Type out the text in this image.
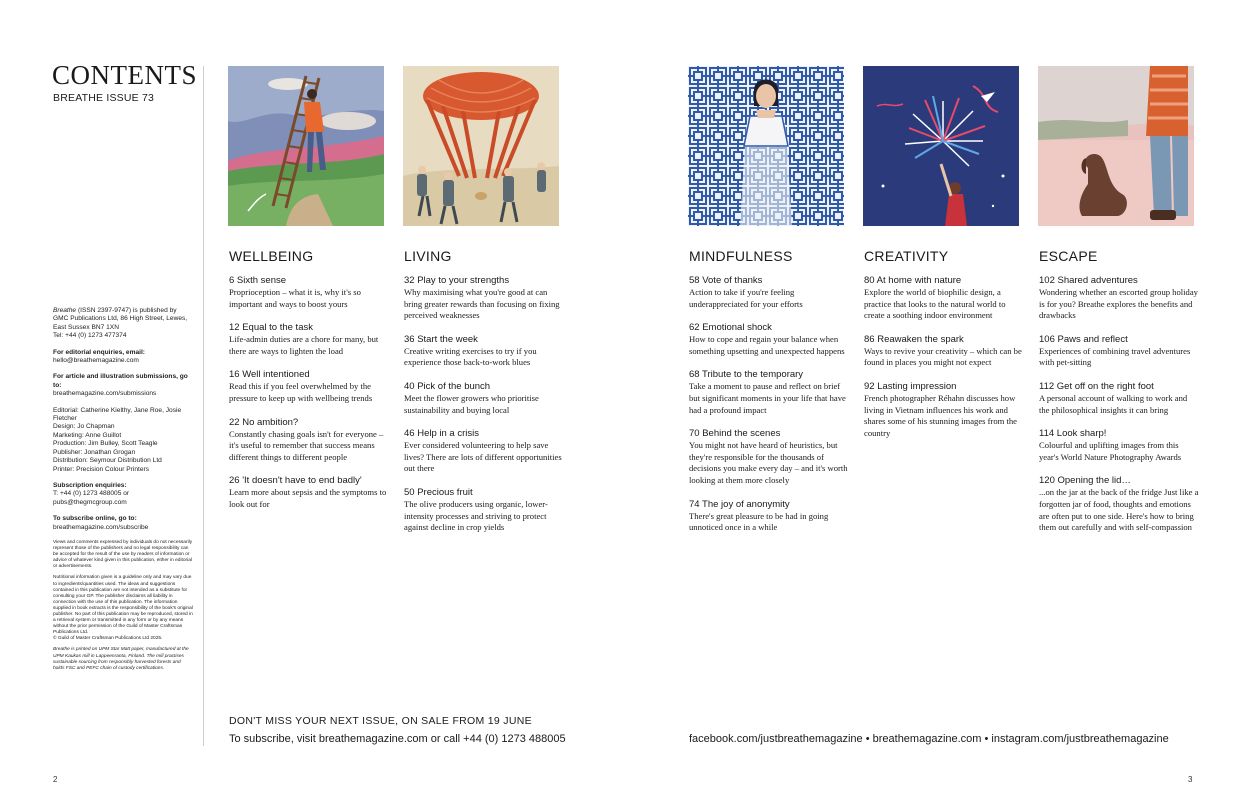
CONTENTS
BREATHE ISSUE 73
Breathe (ISSN 2397-9747) is published by GMC Publications Ltd, 86 High Street, Lewes, East Sussex BN7 1XN
Tel: +44 (0) 1273 477374
For editorial enquiries, email:
hello@breathemagazine.com
For article and illustration submissions, go to:
breathemagazine.com/submissions
Editorial: Catherine Kielthy, Jane Roe, Josie Fletcher
Design: Jo Chapman
Marketing: Anne Guillot
Production: Jim Bulley, Scott Teagle
Publisher: Jonathan Grogan
Distribution: Seymour Distribution Ltd
Printer: Precision Colour Printers
Subscription enquiries:
T: +44 (0) 1273 488005 or
pubs@thegmcgroup.com
To subscribe online, go to:
breathemagazine.com/subscribe
Views and comments expressed by individuals do not necessarily represent those of the publishers and no legal responsibility can be accepted for the result of the use by readers of information or advice of whatever kind given in this publication, either in editorial or advertisements.
Nutritional information given is a guideline only and may vary due to ingredients/quantities used. The ideas and suggestions contained in this publication are not intended as a substitute for consulting your GP. The publisher disclaims all liability in connection with the use of this publication. The information supplied in book extracts is the responsibility of the book's original publisher. No part of this publication may be reproduced, stored in a retrieval system or transmitted in any form or by any means without the prior permission of the Guild of Master Craftsman Publications Ltd.
© Guild of Master Craftsman Publications Ltd 2025.
Breathe is printed on UPM Star Matt paper, manufactured at the UPM Kaukas mill in Lappeenranta, Finland. The mill practises sustainable sourcing from responsibly harvested forests and holds FSC and PEFC chain of custody certifications.
2	3
WELLBEING
6 Sixth sense
Proprioception – what it is, why it's so important and ways to boost yours
12 Equal to the task
Life-admin duties are a chore for many, but there are ways to lighten the load
16 Well intentioned
Read this if you feel overwhelmed by the pressure to keep up with wellbeing trends
22 No ambition?
Constantly chasing goals isn't for everyone – it's useful to remember that success means different things to different people
26 'It doesn't have to end badly'
Learn more about sepsis and the symptoms to look out for
LIVING
32 Play to your strengths
Why maximising what you're good at can bring greater rewards than focusing on fixing perceived weaknesses
36 Start the week
Creative writing exercises to try if you experience those back-to-work blues
40 Pick of the bunch
Meet the flower growers who prioritise sustainability and buying local
46 Help in a crisis
Ever considered volunteering to help save lives? There are lots of different opportunities out there
50 Precious fruit
The olive producers using organic, lower-intensity processes and striving to protect against decline in crop yields
MINDFULNESS
58 Vote of thanks
Action to take if you're feeling underappreciated for your efforts
62 Emotional shock
How to cope and regain your balance when something upsetting and unexpected happens
68 Tribute to the temporary
Take a moment to pause and reflect on brief but significant moments in your life that have had a profound impact
70 Behind the scenes
You might not have heard of heuristics, but they're responsible for the thousands of decisions you make every day – and it's worth looking at them more closely
74 The joy of anonymity
There's great pleasure to be had in going unnoticed once in a while
CREATIVITY
80 At home with nature
Explore the world of biophilic design, a practice that looks to the natural world to create a soothing indoor environment
86 Reawaken the spark
Ways to revive your creativity – which can be found in places you might not expect
92 Lasting impression
French photographer Réhahn discusses how living in Vietnam influences his work and shares some of his stunning images from the country
ESCAPE
102 Shared adventures
Wondering whether an escorted group holiday is for you? Breathe explores the benefits and drawbacks
106 Paws and reflect
Experiences of combining travel adventures with pet-sitting
112 Get off on the right foot
A personal account of walking to work and the philosophical insights it can bring
114 Look sharp!
Colourful and uplifting images from this year's World Nature Photography Awards
120 Opening the lid…
...on the jar at the back of the fridge Just like a forgotten jar of food, thoughts and emotions are often put to one side. Here's how to bring them out carefully and with self-compassion
DON'T MISS YOUR NEXT ISSUE, ON SALE FROM 19 JUNE
To subscribe, visit breathemagazine.com or call +44 (0) 1273 488005	facebook.com/justbreathemagazine • breathemagazine.com • instagram.com/justbreathemagazine
